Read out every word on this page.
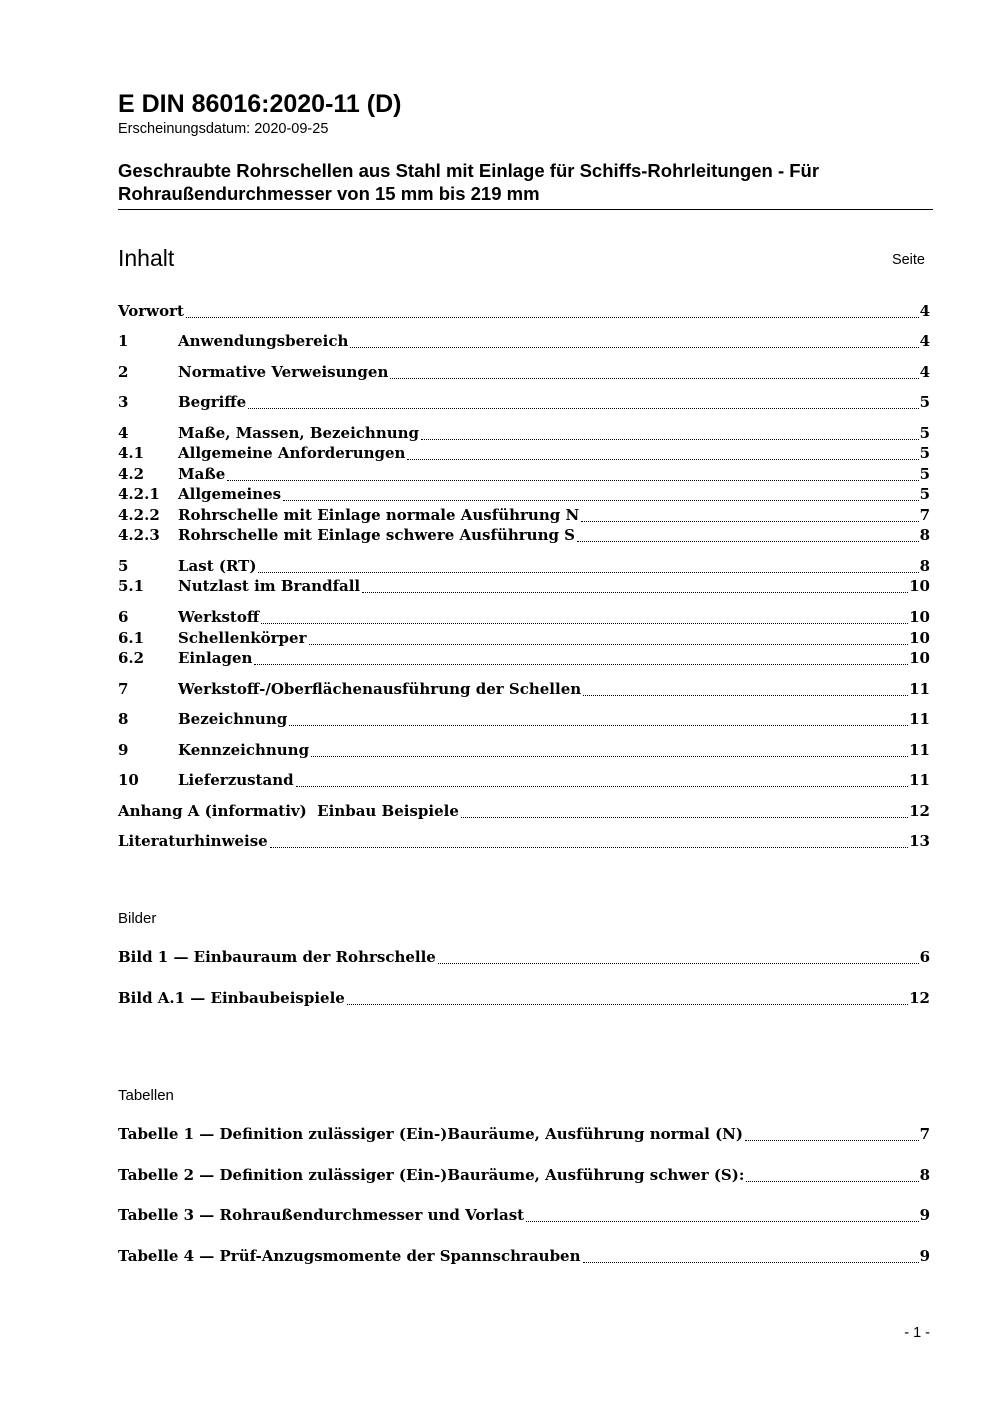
E DIN 86016:2020-11 (D)
Erscheinungsdatum: 2020-09-25
Geschraubte Rohrschellen aus Stahl mit Einlage für Schiffs-Rohrleitungen - Für Rohraußendurchmesser von 15 mm bis 219 mm
Inhalt	Seite
Vorwort	4
1	Anwendungsbereich	4
2	Normative Verweisungen	4
3	Begriffe	5
4	Maße, Massen, Bezeichnung	5
4.1	Allgemeine Anforderungen	5
4.2	Maße	5
4.2.1	Allgemeines	5
4.2.2	Rohrschelle mit Einlage normale Ausführung N	7
4.2.3	Rohrschelle mit Einlage schwere Ausführung S	8
5	Last (RT)	8
5.1	Nutzlast im Brandfall	10
6	Werkstoff	10
6.1	Schellenkörper	10
6.2	Einlagen	10
7	Werkstoff-/Oberflächenausführung der Schellen	11
8	Bezeichnung	11
9	Kennzeichnung	11
10	Lieferzustand	11
Anhang A (informativ)  Einbau Beispiele	12
Literaturhinweise	13
Bilder
Bild 1 — Einbauraum der Rohrschelle	6
Bild A.1 — Einbaubeispiele	12
Tabellen
Tabelle 1 — Definition zulässiger (Ein-)Bauräume, Ausführung normal (N)	7
Tabelle 2 — Definition zulässiger (Ein-)Bauräume, Ausführung schwer (S):	8
Tabelle 3 — Rohraußendurchmesser und Vorlast	9
Tabelle 4 — Prüf-Anzugsmomente der Spannschrauben	9
- 1 -
